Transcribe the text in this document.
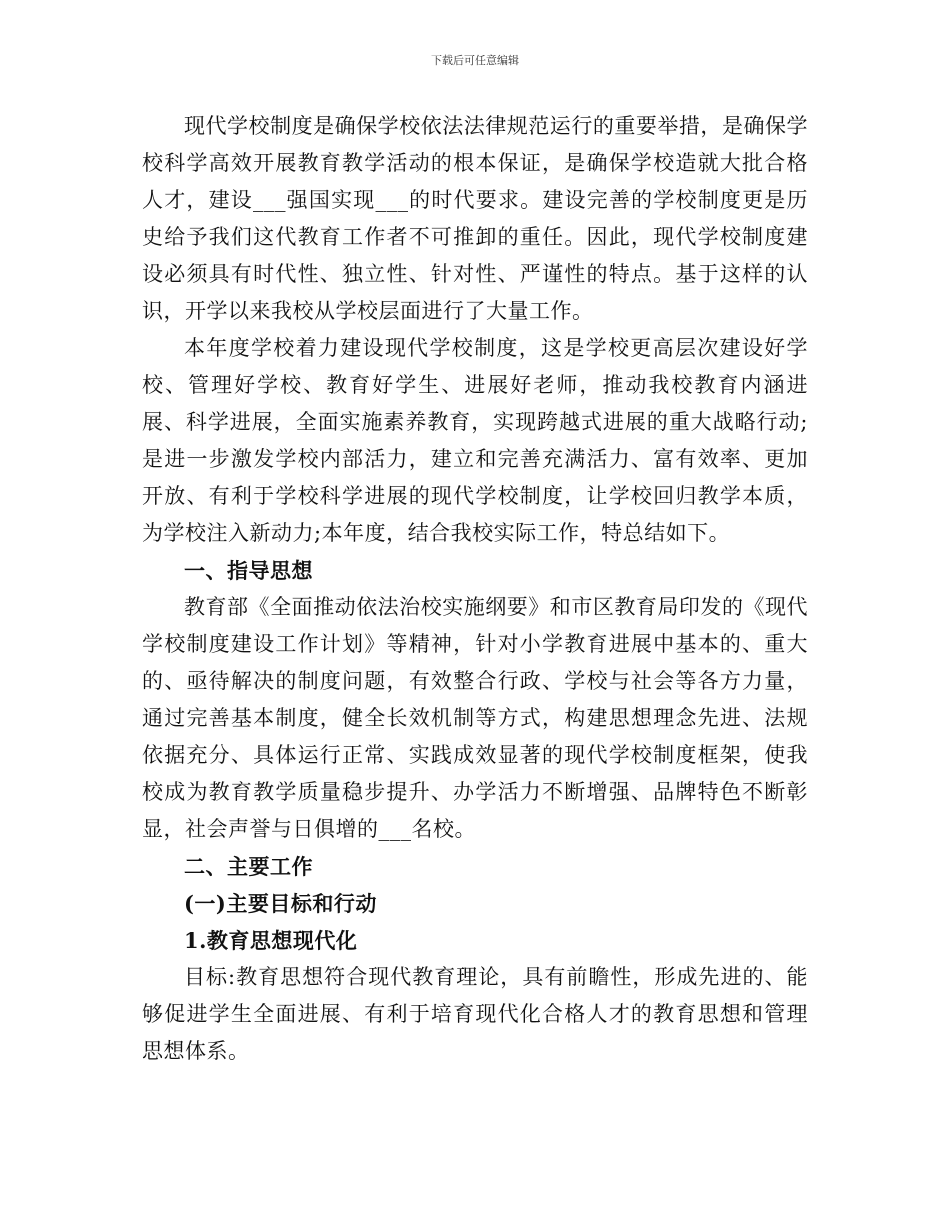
下载后可任意编辑

现代学校制度是确保学校依法法律规范运行的重要举措，是确保学校科学高效开展教育教学活动的根本保证，是确保学校造就大批合格人才，建设___强国实现___的时代要求。建设完善的学校制度更是历史给予我们这代教育工作者不可推卸的重任。因此，现代学校制度建设必须具有时代性、独立性、针对性、严谨性的特点。基于这样的认识，开学以来我校从学校层面进行了大量工作。

本年度学校着力建设现代学校制度，这是学校更高层次建设好学校、管理好学校、教育好学生、进展好老师，推动我校教育内涵进展、科学进展，全面实施素养教育，实现跨越式进展的重大战略行动;是进一步激发学校内部活力，建立和完善充满活力、富有效率、更加开放、有利于学校科学进展的现代学校制度，让学校回归教学本质，为学校注入新动力;本年度，结合我校实际工作，特总结如下。

一、指导思想

教育部《全面推动依法治校实施纲要》和市区教育局印发的《现代学校制度建设工作计划》等精神，针对小学教育进展中基本的、重大的、亟待解决的制度问题，有效整合行政、学校与社会等各方力量，通过完善基本制度，健全长效机制等方式，构建思想理念先进、法规依据充分、具体运行正常、实践成效显著的现代学校制度框架，使我校成为教育教学质量稳步提升、办学活力不断增强、品牌特色不断彰显，社会声誉与日俱增的___名校。

二、主要工作

(一)主要目标和行动

1.教育思想现代化

目标:教育思想符合现代教育理论，具有前瞻性，形成先进的、能够促进学生全面进展、有利于培育现代化合格人才的教育思想和管理思想体系。
